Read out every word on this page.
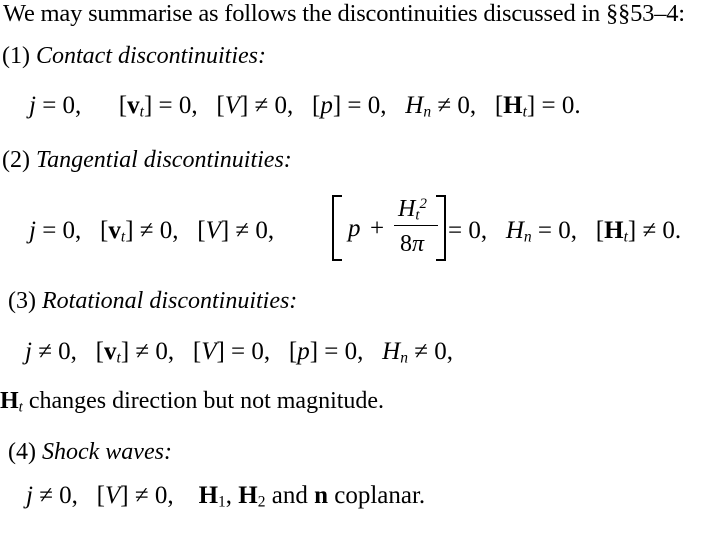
We may summarise as follows the discontinuities discussed in §§53–4:
(1) Contact discontinuities:
j = 0,      $[v_t] = 0$,   [V] ≠ 0,   [p] = 0,   $H_n \ne 0$,   $[H_t] = 0$.
(2) Tangential discontinuities:
j = 0,   $[v_t] \ne 0$,   [V] ≠ 0,	p +
$H_t^2$
8π = 0,   $H_n = 0$,   $[H_t] \ne 0$.
(3) Rotational discontinuities:
j ≠ 0,   $[v_t] \ne 0$,   [V] = 0,   [p] = 0,   $H_n \ne 0$,
$H_t$ changes direction but not magnitude.
(4) Shock waves:
j ≠ 0,   [V] ≠ 0,    $H_1$, $H_2$ and n coplanar.
